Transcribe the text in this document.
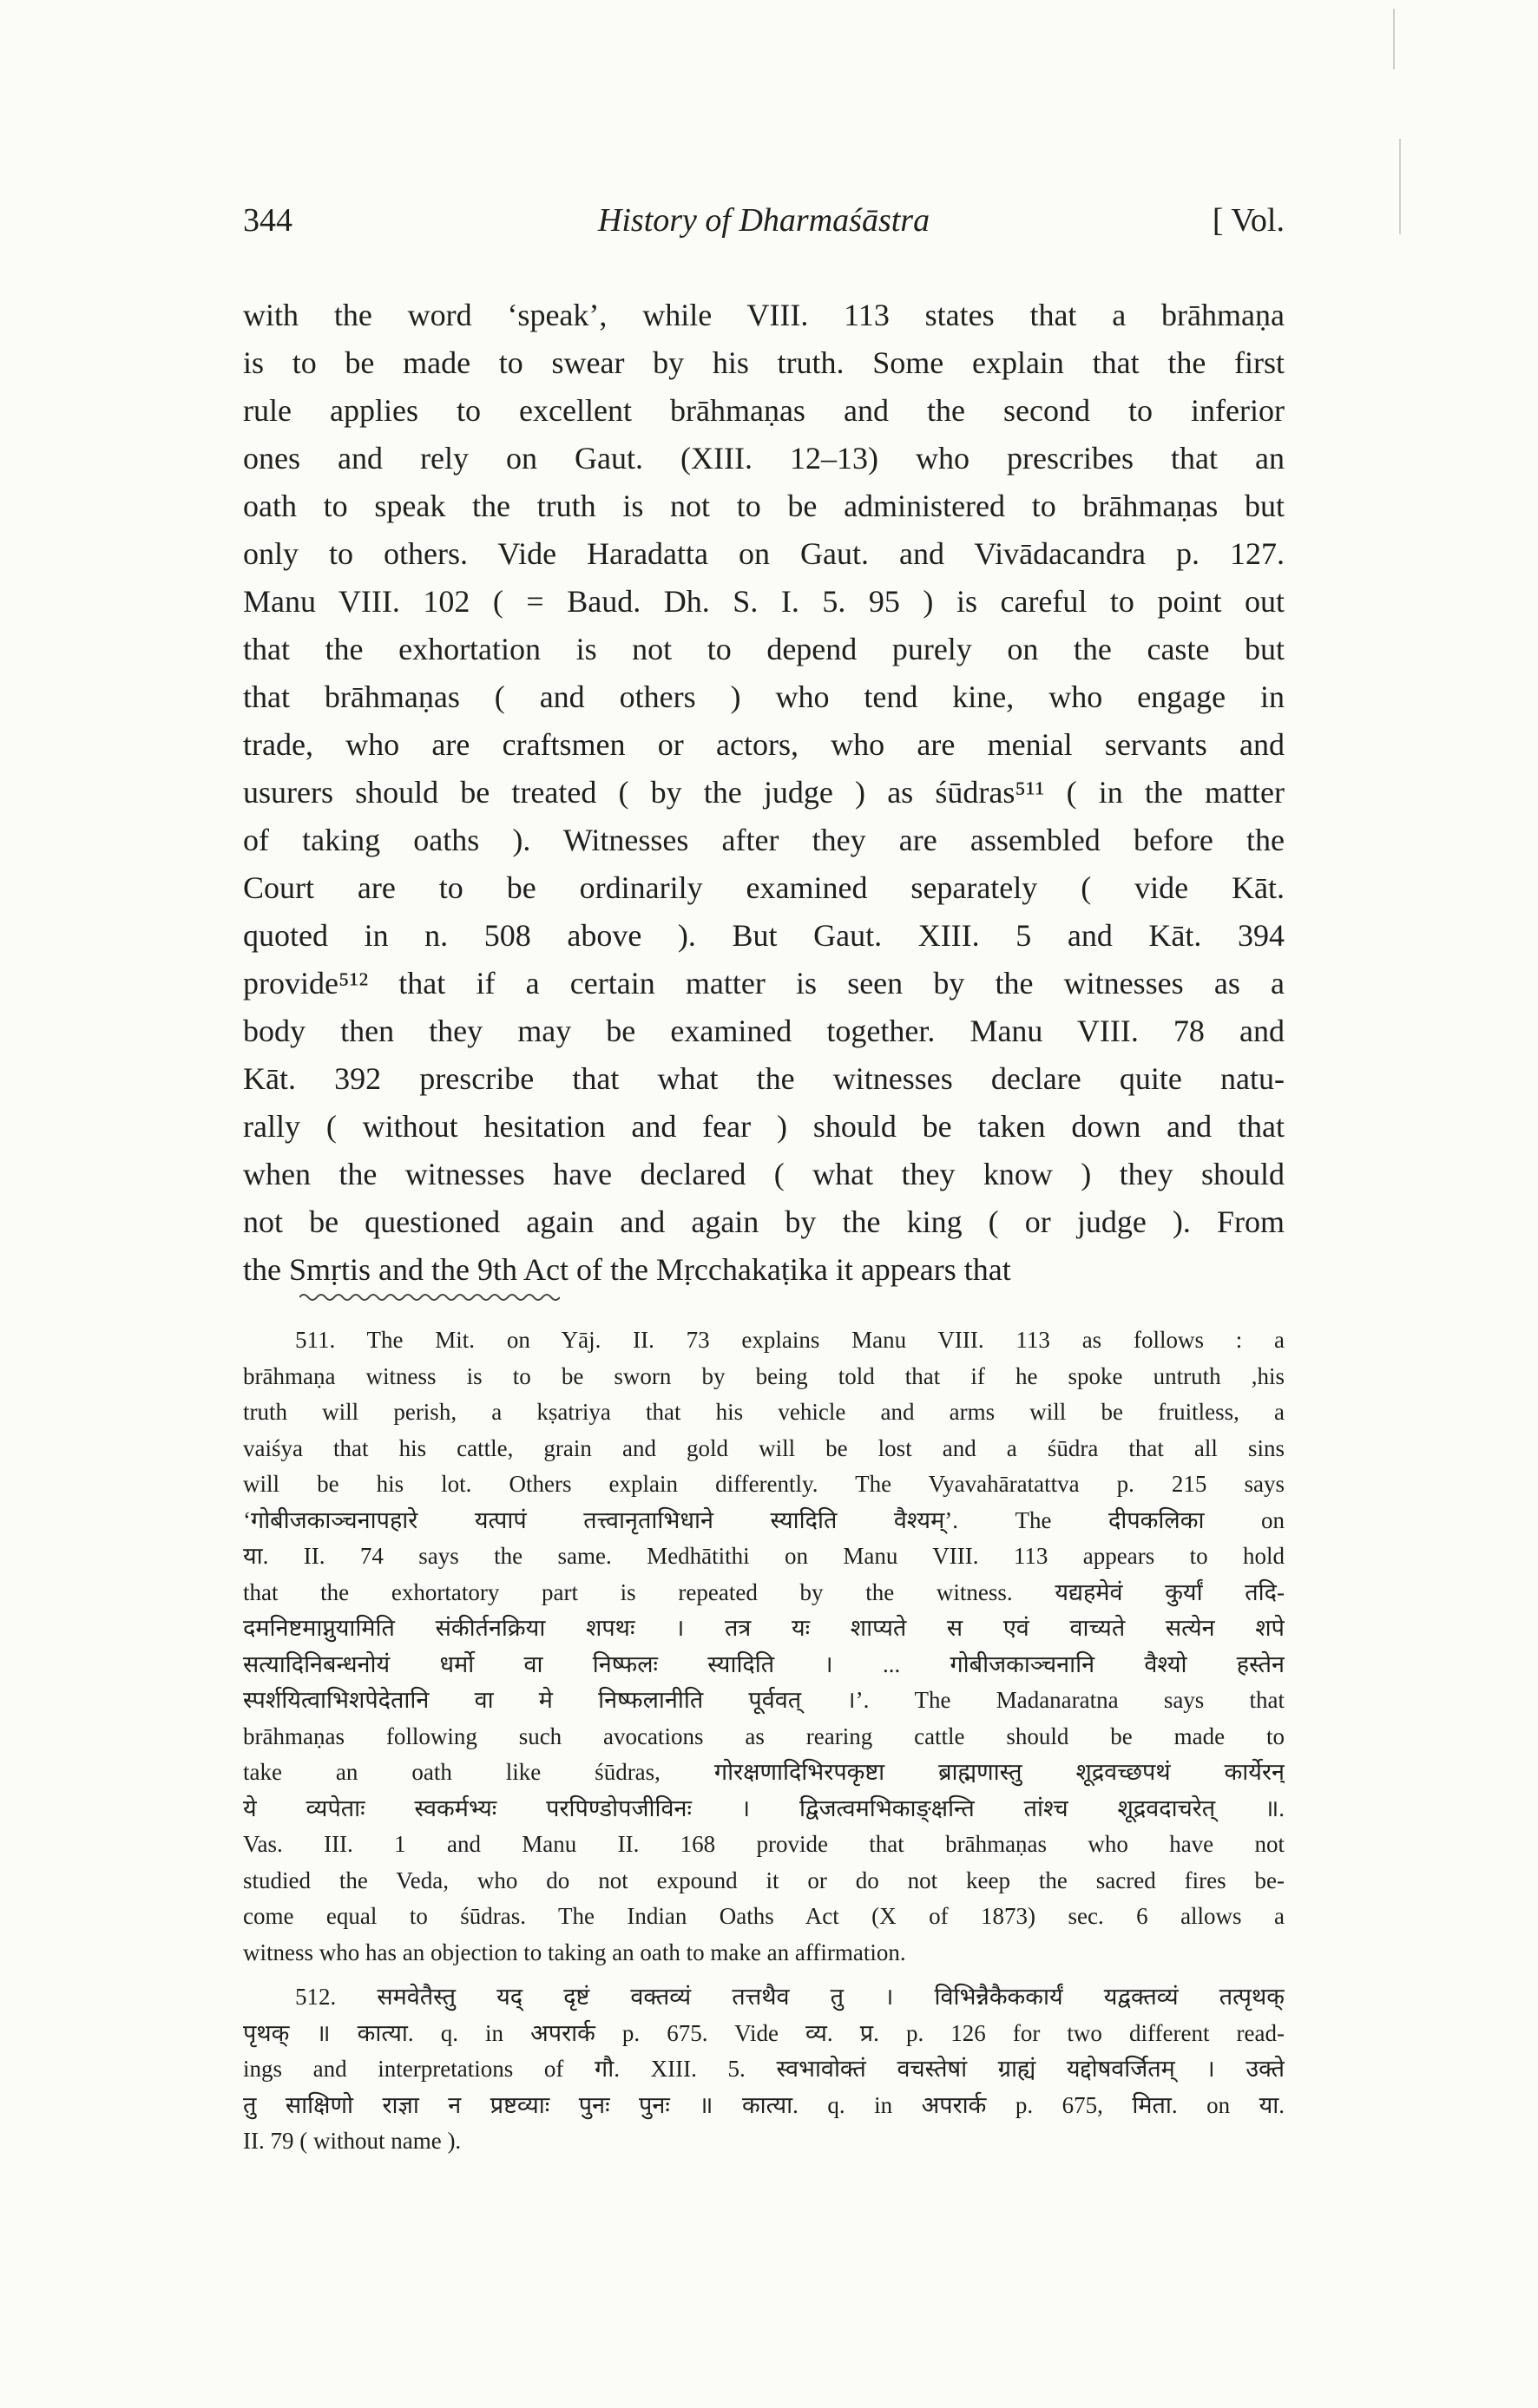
344	History of Dharmaśāstra	[ Vol.
with the word ‘speak’, while VIII. 113 states that a brāhmaṇa
is to be made to swear by his truth. Some explain that the first
rule applies to excellent brāhmaṇas and the second to inferior
ones and rely on Gaut. (XIII. 12–13) who prescribes that an
oath to speak the truth is not to be administered to brāhmaṇas but
only to others. Vide Haradatta on Gaut. and Vivādacandra p. 127.
Manu VIII. 102 ( = Baud. Dh. S. I. 5. 95 ) is careful to point out
that the exhortation is not to depend purely on the caste but
that brāhmaṇas ( and others ) who tend kine, who engage in
trade, who are craftsmen or actors, who are menial servants and
usurers should be treated ( by the judge ) as śūdras⁵¹¹ ( in the matter
of taking oaths ). Witnesses after they are assembled before the
Court are to be ordinarily examined separately ( vide Kāt.
quoted in n. 508 above ). But Gaut. XIII. 5 and Kāt. 394
provide⁵¹² that if a certain matter is seen by the witnesses as a
body then they may be examined together. Manu VIII. 78 and
Kāt. 392 prescribe that what the witnesses declare quite natu-
rally ( without hesitation and fear ) should be taken down and that
when the witnesses have declared ( what they know ) they should
not be questioned again and again by the king ( or judge ). From
the Smṛtis and the 9th Act of the Mṛcchakaṭika it appears that
511. The Mit. on Yāj. II. 73 explains Manu VIII. 113 as follows : a
brāhmaṇa witness is to be sworn by being told that if he spoke untruth ,his
truth will perish, a kṣatriya that his vehicle and arms will be fruitless, a
vaiśya that his cattle, grain and gold will be lost and a śūdra that all sins
will be his lot. Others explain differently. The Vyavahāratattva p. 215 says
‘गोबीजकाञ्चनापहारे यत्पापं तत्त्वानृताभिधाने स्यादिति वैश्यम्’. The दीपकलिका on
या. II. 74 says the same. Medhātithi on Manu VIII. 113 appears to hold
that the exhortatory part is repeated by the witness. यद्यहमेवं कुर्यां तदि-
दमनिष्टमाप्नुयामिति संकीर्तनक्रिया शपथः । तत्र यः शाप्यते स एवं वाच्यते सत्येन शपे
सत्यादिनिबन्धनोयं धर्मो वा निष्फलः स्यादिति । ... गोबीजकाञ्चनानि वैश्यो हस्तेन
स्पर्शयित्वाभिशपेदेतानि वा मे निष्फलानीति पूर्ववत् ।’. The Madanaratna says that
brāhmaṇas following such avocations as rearing cattle should be made to
take an oath like śūdras, गोरक्षणादिभिरपकृष्टा ब्राह्मणास्तु शूद्रवच्छपथं कार्येरन्
ये व्यपेताः स्वकर्मभ्यः परपिण्डोपजीविनः । द्विजत्वमभिकाङ्क्षन्ति तांश्च शूद्रवदाचरेत् ॥.
Vas. III. 1 and Manu II. 168 provide that brāhmaṇas who have not
studied the Veda, who do not expound it or do not keep the sacred fires be-
come equal to śūdras. The Indian Oaths Act (X of 1873) sec. 6 allows a
witness who has an objection to taking an oath to make an affirmation.
512. समवेतैस्तु यद् दृष्टं वक्तव्यं तत्तथैव तु । विभिन्नैकैककार्यं यद्वक्तव्यं तत्पृथक्
पृथक् ॥ कात्या. q. in अपरार्क p. 675. Vide व्य. प्र. p. 126 for two different read-
ings and interpretations of गौ. XIII. 5. स्वभावोक्तं वचस्तेषां ग्राह्यं यद्दोषवर्जितम् । उक्ते
तु साक्षिणो राज्ञा न प्रष्टव्याः पुनः पुनः ॥ कात्या. q. in अपरार्क p. 675, मिता. on या.
II. 79 ( without name ).
